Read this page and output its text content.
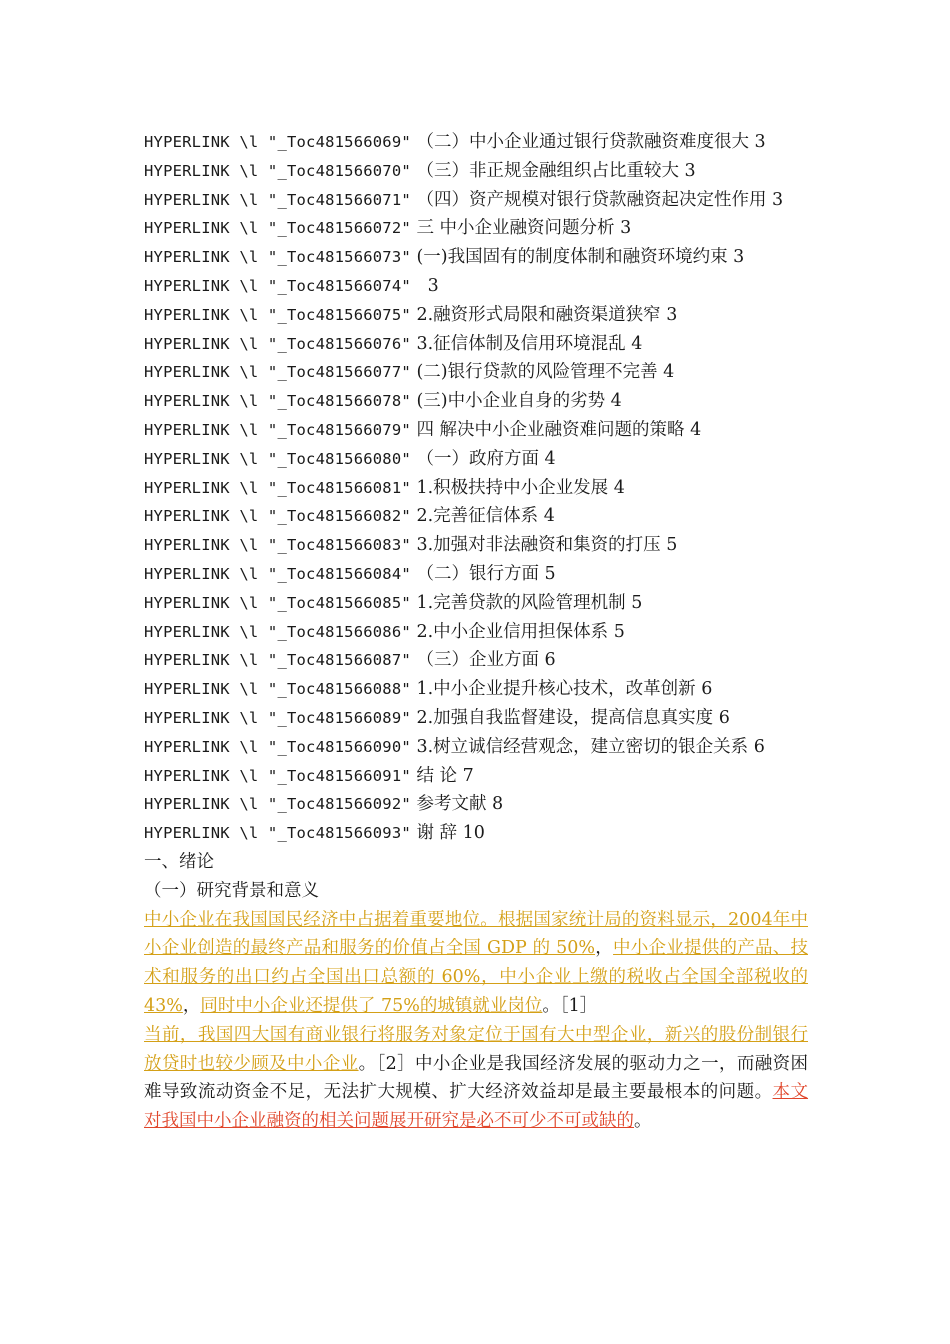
HYPERLINK \l "_Toc481566069" （二）中小企业通过银行贷款融资难度很大 3
HYPERLINK \l "_Toc481566070" （三）非正规金融组织占比重较大 3
HYPERLINK \l "_Toc481566071" （四）资产规模对银行贷款融资起决定性作用 3
HYPERLINK \l "_Toc481566072" 三 中小企业融资问题分析 3
HYPERLINK \l "_Toc481566073" (一)我国固有的制度体制和融资环境约束 3
HYPERLINK \l "_Toc481566074"   3
HYPERLINK \l "_Toc481566075" 2.融资形式局限和融资渠道狭窄 3
HYPERLINK \l "_Toc481566076" 3.征信体制及信用环境混乱 4
HYPERLINK \l "_Toc481566077" (二)银行贷款的风险管理不完善 4
HYPERLINK \l "_Toc481566078" (三)中小企业自身的劣势 4
HYPERLINK \l "_Toc481566079" 四 解决中小企业融资难问题的策略 4
HYPERLINK \l "_Toc481566080" （一）政府方面 4
HYPERLINK \l "_Toc481566081" 1.积极扶持中小企业发展 4
HYPERLINK \l "_Toc481566082" 2.完善征信体系 4
HYPERLINK \l "_Toc481566083" 3.加强对非法融资和集资的打压 5
HYPERLINK \l "_Toc481566084" （二）银行方面 5
HYPERLINK \l "_Toc481566085" 1.完善贷款的风险管理机制 5
HYPERLINK \l "_Toc481566086" 2.中小企业信用担保体系 5
HYPERLINK \l "_Toc481566087" （三）企业方面 6
HYPERLINK \l "_Toc481566088" 1.中小企业提升核心技术，改革创新 6
HYPERLINK \l "_Toc481566089" 2.加强自我监督建设，提高信息真实度 6
HYPERLINK \l "_Toc481566090" 3.树立诚信经营观念，建立密切的银企关系 6
HYPERLINK \l "_Toc481566091" 结 论 7
HYPERLINK \l "_Toc481566092" 参考文献 8
HYPERLINK \l "_Toc481566093" 谢 辞 10
一、绪论
（一）研究背景和意义

中小企业在我国国民经济中占据着重要地位。根据国家统计局的资料显示，2004年中小企业创造的最终产品和服务的价值占全国 GDP 的 50%，中小企业提供的产品、技术和服务的出口约占全国出口总额的 60%，中小企业上缴的税收占全国全部税收的 43%，同时中小企业还提供了 75%的城镇就业岗位。［1］

当前，我国四大国有商业银行将服务对象定位于国有大中型企业，新兴的股份制银行放贷时也较少顾及中小企业。［2］中小企业是我国经济发展的驱动力之一，而融资困难导致流动资金不足，无法扩大规模、扩大经济效益却是最主要最根本的问题。本文对我国中小企业融资的相关问题展开研究是必不可少不可或缺的。
